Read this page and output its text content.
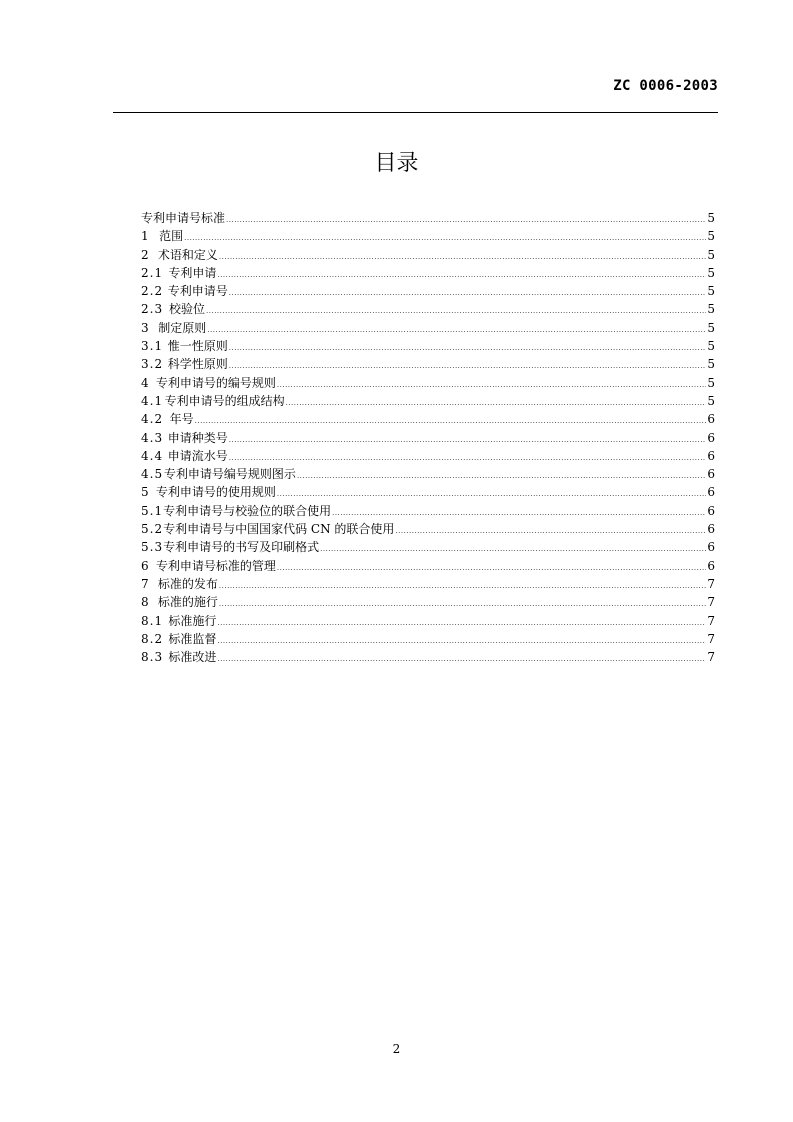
ZC 0006-2003
目录
专利申请号标准 .....	5
1 范围 .....	5
2 术语和定义 .....	5
2.1 专利申请 .....	5
2.2 专利申请号 .....	5
2.3 校验位 .....	5
3 制定原则 .....	5
3.1 惟一性原则 .....	5
3.2 科学性原则 .....	5
4 专利申请号的编号规则 .....	5
4.1 专利申请号的组成结构 .....	5
4.2 年号 .....	6
4.3 申请种类号 .....	6
4.4 申请流水号 .....	6
4.5 专利申请号编号规则图示 .....	6
5 专利申请号的使用规则 .....	6
5.1 专利申请号与校验位的联合使用 .....	6
5.2 专利申请号与中国国家代码 CN 的联合使用 .....	6
5.3 专利申请号的书写及印刷格式 .....	6
6 专利申请号标准的管理 .....	6
7 标准的发布 .....	7
8 标准的施行 .....	7
8.1 标准施行 .....	7
8.2 标准监督 .....	7
8.3 标准改进 .....	7
2
